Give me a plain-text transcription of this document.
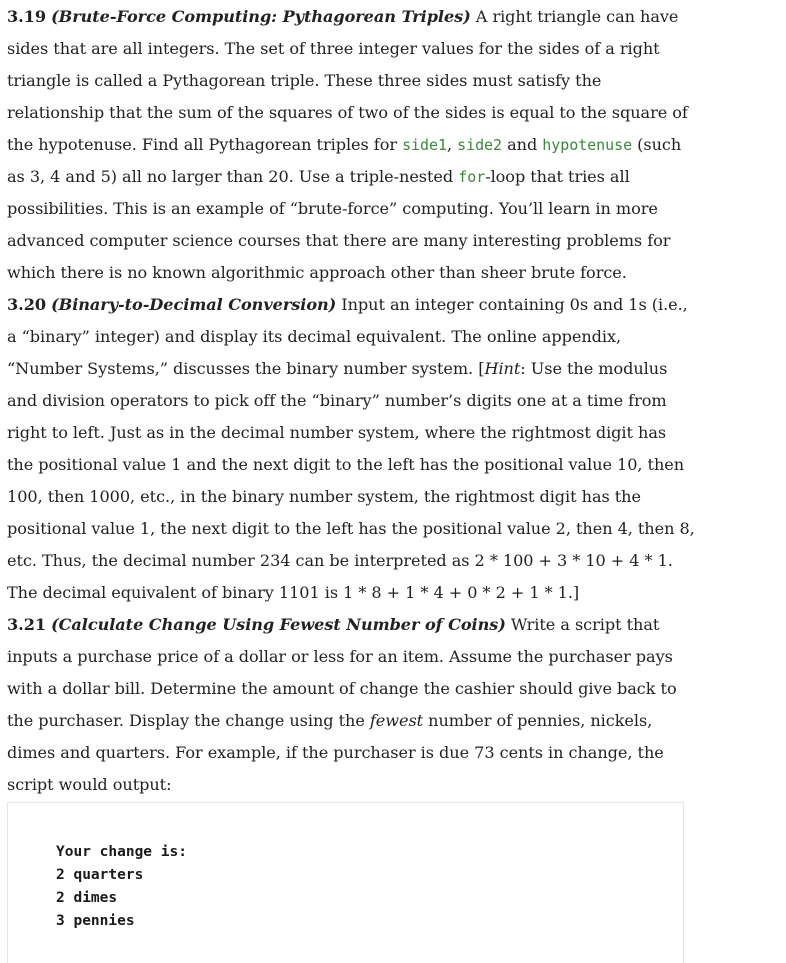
3.19 (Brute-Force Computing: Pythagorean Triples) A right triangle can have sides that are all integers. The set of three integer values for the sides of a right triangle is called a Pythagorean triple. These three sides must satisfy the relationship that the sum of the squares of two of the sides is equal to the square of the hypotenuse. Find all Pythagorean triples for side1, side2 and hypotenuse (such as 3, 4 and 5) all no larger than 20. Use a triple-nested for-loop that tries all possibilities. This is an example of “brute-force” computing. You’ll learn in more advanced computer science courses that there are many interesting problems for which there is no known algorithmic approach other than sheer brute force.

3.20 (Binary-to-Decimal Conversion) Input an integer containing 0s and 1s (i.e., a “binary” integer) and display its decimal equivalent. The online appendix, “Number Systems,” discusses the binary number system. [Hint: Use the modulus and division operators to pick off the “binary” number’s digits one at a time from right to left. Just as in the decimal number system, where the rightmost digit has the positional value 1 and the next digit to the left has the positional value 10, then 100, then 1000, etc., in the binary number system, the rightmost digit has the positional value 1, the next digit to the left has the positional value 2, then 4, then 8, etc. Thus, the decimal number 234 can be interpreted as 2 * 100 + 3 * 10 + 4 * 1. The decimal equivalent of binary 1101 is 1 * 8 + 1 * 4 + 0 * 2 + 1 * 1.]

3.21 (Calculate Change Using Fewest Number of Coins) Write a script that inputs a purchase price of a dollar or less for an item. Assume the purchaser pays with a dollar bill. Determine the amount of change the cashier should give back to the purchaser. Display the change using the fewest number of pennies, nickels, dimes and quarters. For example, if the purchaser is due 73 cents in change, the script would output:

Your change is:
2 quarters
2 dimes
3 pennies
